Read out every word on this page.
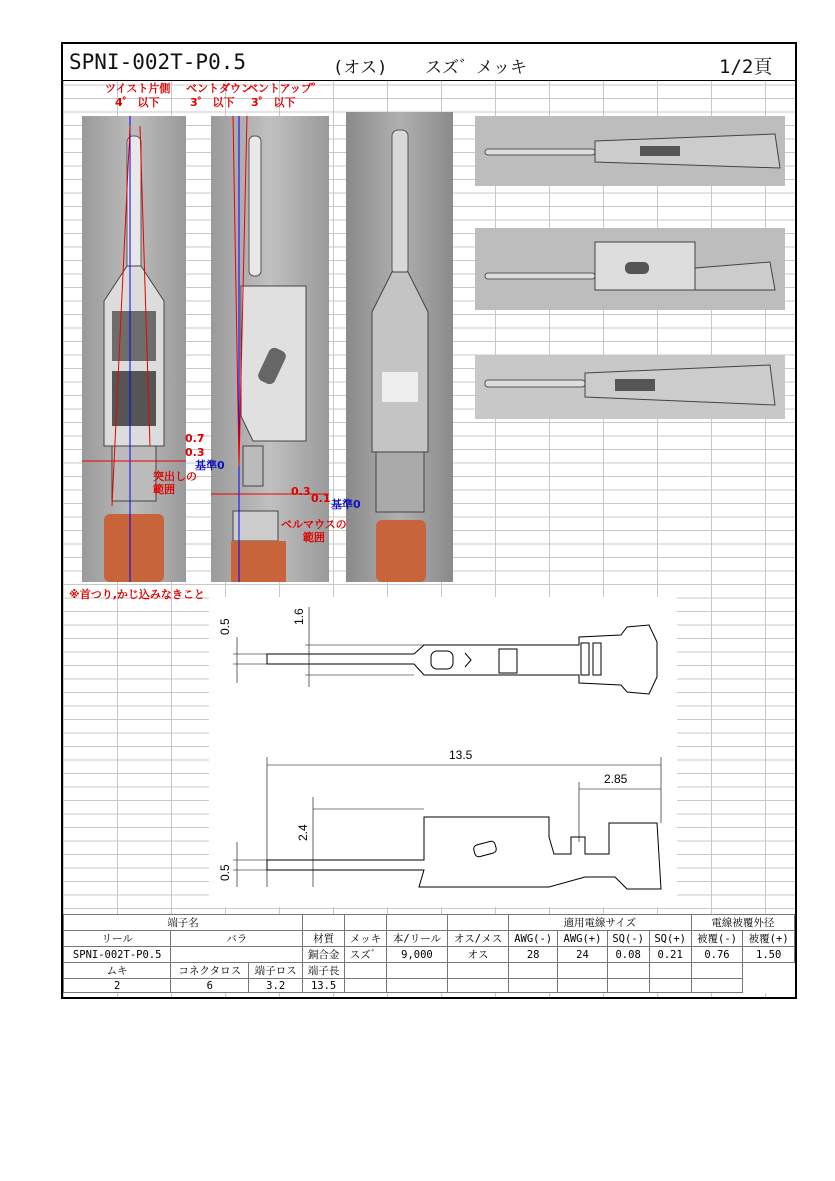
SPNI-002T-P0.5	(オス) スズ゛メッキ	1/2頁
ツイスト片側
4゜ 以下
ベントダウン
3゜ 以下
ベントアップ゜
3゜ 以下
0.7
0.3
基準0
突出しの
範囲	0.3
0.1 基準0
ベルマウスの
範囲
※首つり,かじ込みなきこと
0.5
1.6
13.5
2.85
2.4
0.5
端子名							適用電線サイズ				電線被覆外径	
リール	バラ		材質	メッキ	本/リール	オス/メス	AWG(-)	AWG(+)	SQ(-)	SQ(+)	被覆(-)	被覆(+)
SPNI-002T-P0.5			銅合金	スズ゛	9,000	オス	28	24	0.08	0.21	0.76	1.50
ムキ	コネクタロス	端子ロス	端子長									
2	6	3.2	13.5									
